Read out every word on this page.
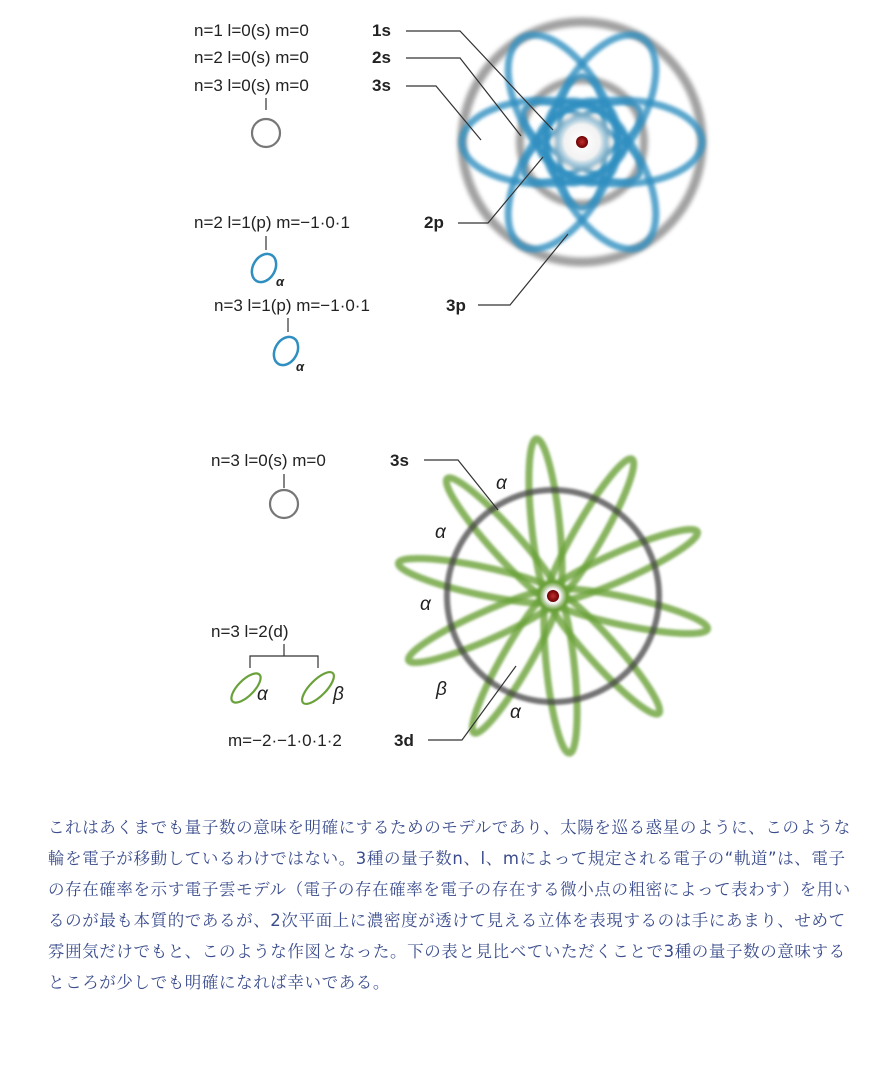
n=1 l=0(s) m=0	1s
n=2 l=0(s) m=0	2s
n=3 l=0(s) m=0	3s
n=2 l=1(p) m=−1·0·1	2p
α
n=3 l=1(p) m=−1·0·1	3p
α
n=3 l=0(s) m=0	3s
n=3 l=2(d)
α	β
m=−2·−1·0·1·2	3d
α
α
α
β
α

これはあくまでも量子数の意味を明確にするためのモデルであり、太陽を巡る惑星のように、このような輪を電子が移動しているわけではない。3種の量子数n、l、mによって規定される電子の“軌道”は、電子の存在確率を示す電子雲モデル（電子の存在確率を電子の存在する微小点の粗密によって表わす）を用いるのが最も本質的であるが、2次平面上に濃密度が透けて見える立体を表現するのは手にあまり、せめて雰囲気だけでもと、このような作図となった。下の表と見比べていただくことで3種の量子数の意味するところが少しでも明確になれば幸いである。
